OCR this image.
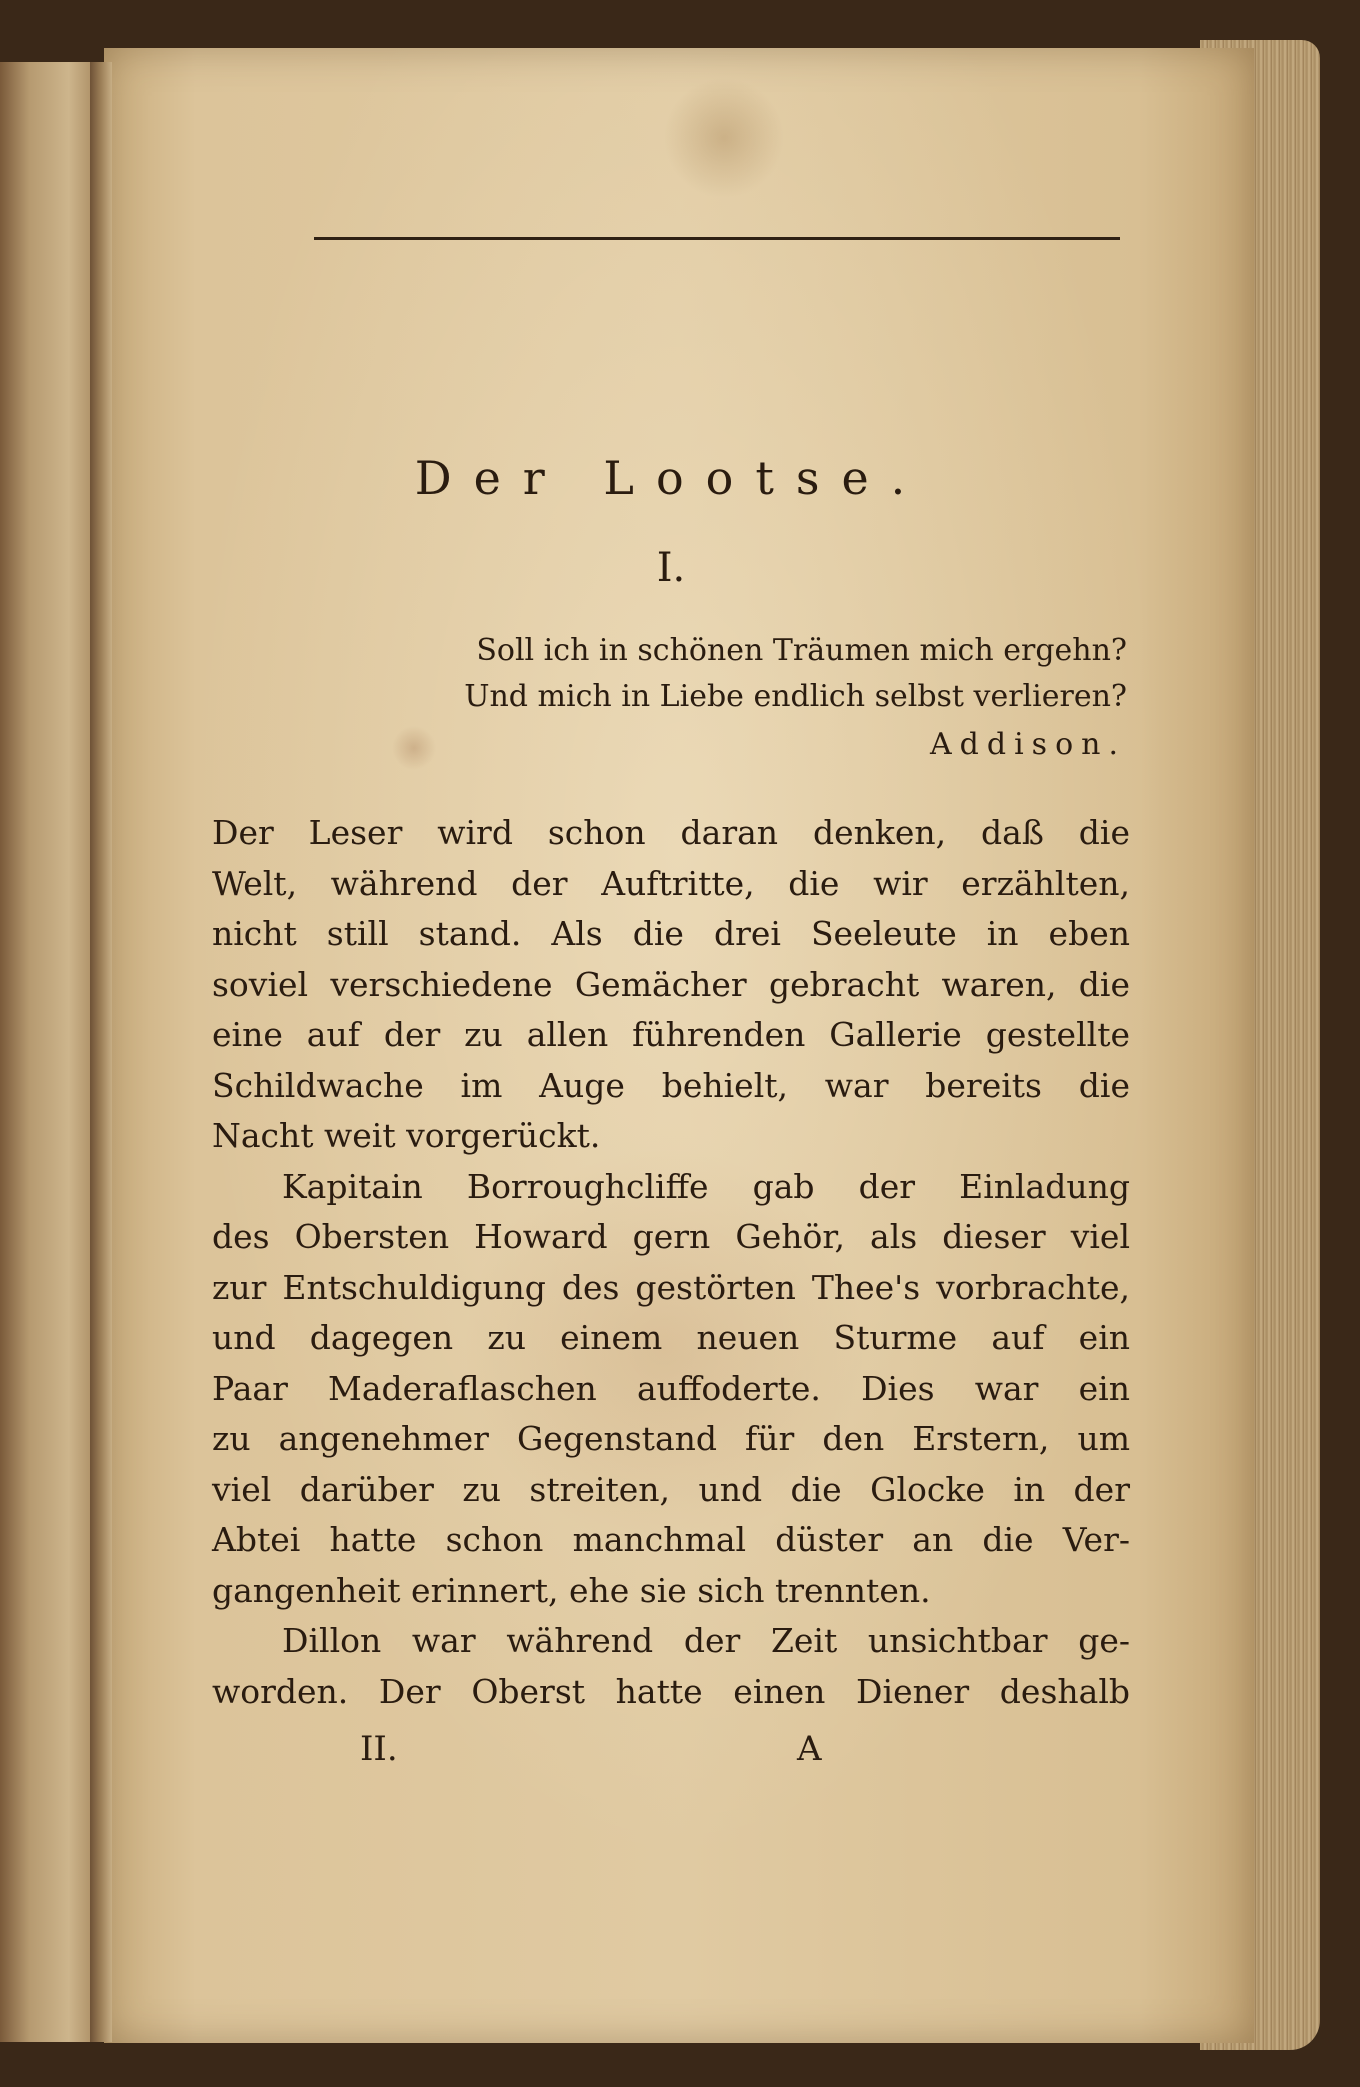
Der Lootse.
I.
Soll ich in schönen Träumen mich ergehn?
Und mich in Liebe endlich selbst verlieren?
Addison.
Der Leser wird schon daran denken, daß die
Welt, während der Auftritte, die wir erzählten,
nicht still stand. Als die drei Seeleute in eben
soviel verschiedene Gemächer gebracht waren, die
eine auf der zu allen führenden Gallerie gestellte
Schildwache im Auge behielt, war bereits die
Nacht weit vorgerückt.
Kapitain Borroughcliffe gab der Einladung
des Obersten Howard gern Gehör, als dieser viel
zur Entschuldigung des gestörten Thee's vorbrachte,
und dagegen zu einem neuen Sturme auf ein
Paar Maderaflaschen auffoderte. Dies war ein
zu angenehmer Gegenstand für den Erstern, um
viel darüber zu streiten, und die Glocke in der
Abtei hatte schon manchmal düster an die Ver-
gangenheit erinnert, ehe sie sich trennten.
Dillon war während der Zeit unsichtbar ge-
worden. Der Oberst hatte einen Diener deshalb
II.	A
